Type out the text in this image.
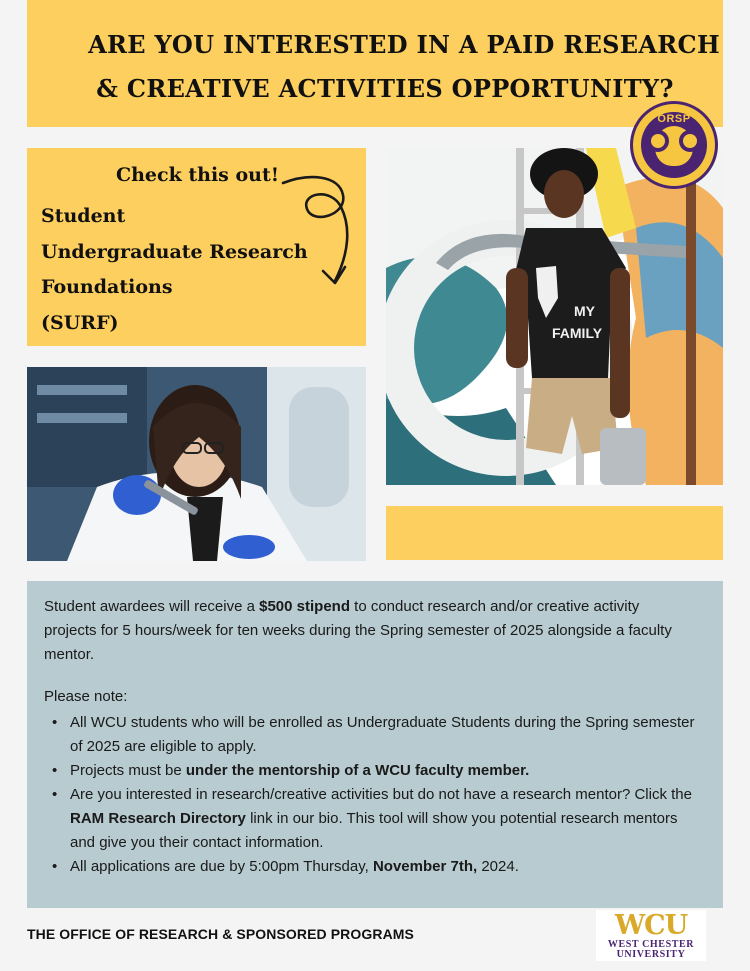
ARE YOU INTERESTED IN A PAID RESEARCH
& CREATIVE ACTIVITIES OPPORTUNITY?
ORSP
Check this out!
Student
Undergraduate Research
Foundations
(SURF)
MY
FAMILY

Student awardees will receive a $500 stipend to conduct research and/or creative activity projects for 5 hours/week for ten weeks during the Spring semester of 2025 alongside a faculty mentor.

Please note:

• All WCU students who will be enrolled as Undergraduate Students during the Spring semester of 2025 are eligible to apply.
• Projects must be under the mentorship of a WCU faculty member.
• Are you interested in research/creative activities but do not have a research mentor? Click the RAM Research Directory link in our bio. This tool will show you potential research mentors and give you their contact information.
• All applications are due by 5:00pm Thursday, November 7th, 2024.
THE OFFICE OF RESEARCH & SPONSORED PROGRAMS	WCU
WEST CHESTER
UNIVERSITY
